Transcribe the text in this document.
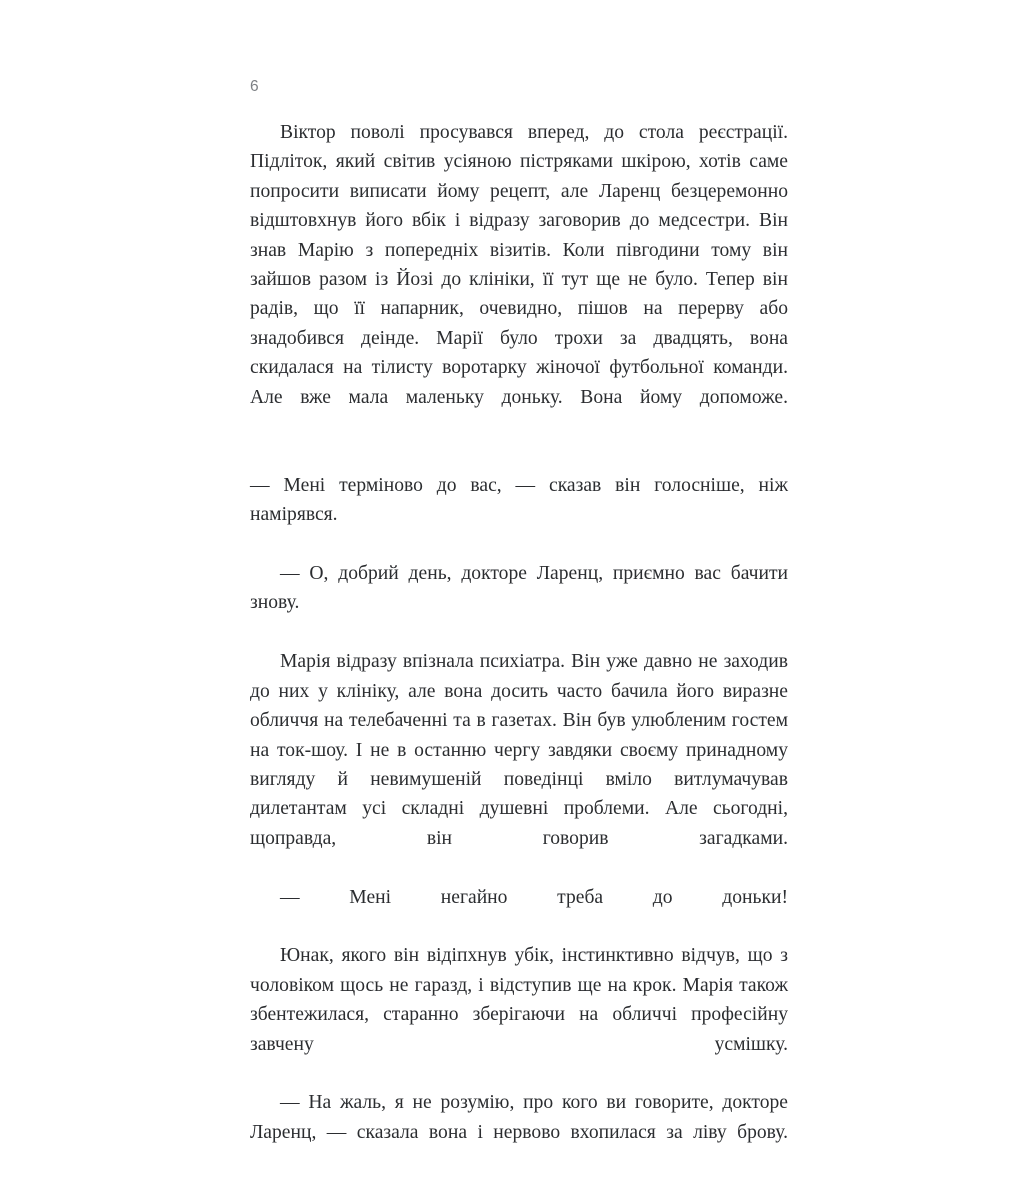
6

Віктор поволі просувався вперед, до стола реєстрації. Підліток, який світив усіяною пістряками шкірою, хотів саме попросити виписати йому рецепт, але Ларенц безцеремонно відштовхнув його вбік і відразу заговорив до медсестри. Він знав Марію з попередніх візитів. Коли півгодини тому він зайшов разом із Йозі до клініки, її тут ще не було. Тепер він радів, що її напарник, очевидно, пішов на перерву або знадобився деінде. Марії було трохи за двадцять, вона скидалася на тілисту воротарку жіночої футбольної команди. Але вже мала маленьку доньку. Вона йому допоможе.

— Мені терміново до вас, — сказав він голосніше, ніж намірявся.

— О, добрий день, докторе Ларенц, приємно вас бачити знову.

Марія відразу впізнала психіатра. Він уже давно не заходив до них у клініку, але вона досить часто бачила його виразне обличчя на телебаченні та в газетах. Він був улюбленим гостем на ток-шоу. І не в останню чергу завдяки своєму принадному вигляду й невимушеній поведінці вміло витлумачував дилетантам усі складні душевні проблеми. Але сьогодні, щоправда, він говорив загадками.

— Мені негайно треба до доньки!

Юнак, якого він відіпхнув убік, інстинктивно відчув, що з чоловіком щось не гаразд, і відступив ще на крок. Марія також збентежилася, старанно зберігаючи на обличчі професійну завчену усмішку.

— На жаль, я не розумію, про кого ви говорите, докторе Ларенц, — сказала вона і нервово вхопилася за ліву брову.
